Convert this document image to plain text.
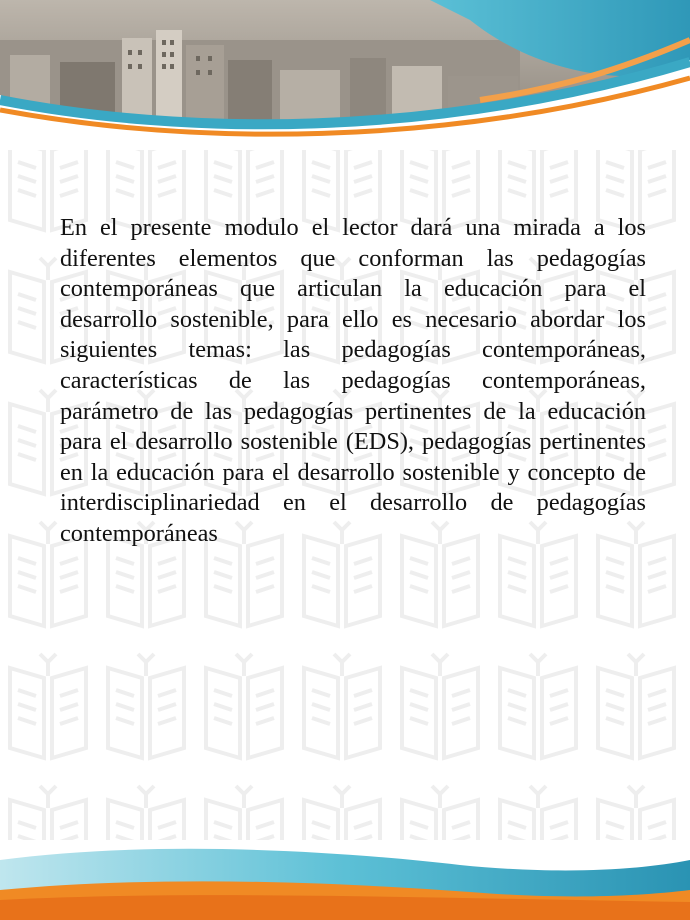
En el presente modulo el lector dará una mirada a los diferentes elementos que conforman las pedagogías contemporáneas que articulan la educación para el desarrollo sostenible, para ello es necesario abordar los siguientes temas: las pedagogías contemporáneas, características de las pedagogías contemporáneas, parámetro de las pedagogías pertinentes de la educación para el desarrollo sostenible (EDS), pedagogías pertinentes en la educación para el desarrollo sostenible y concepto de interdisciplinariedad en el desarrollo de pedagogías contemporáneas
